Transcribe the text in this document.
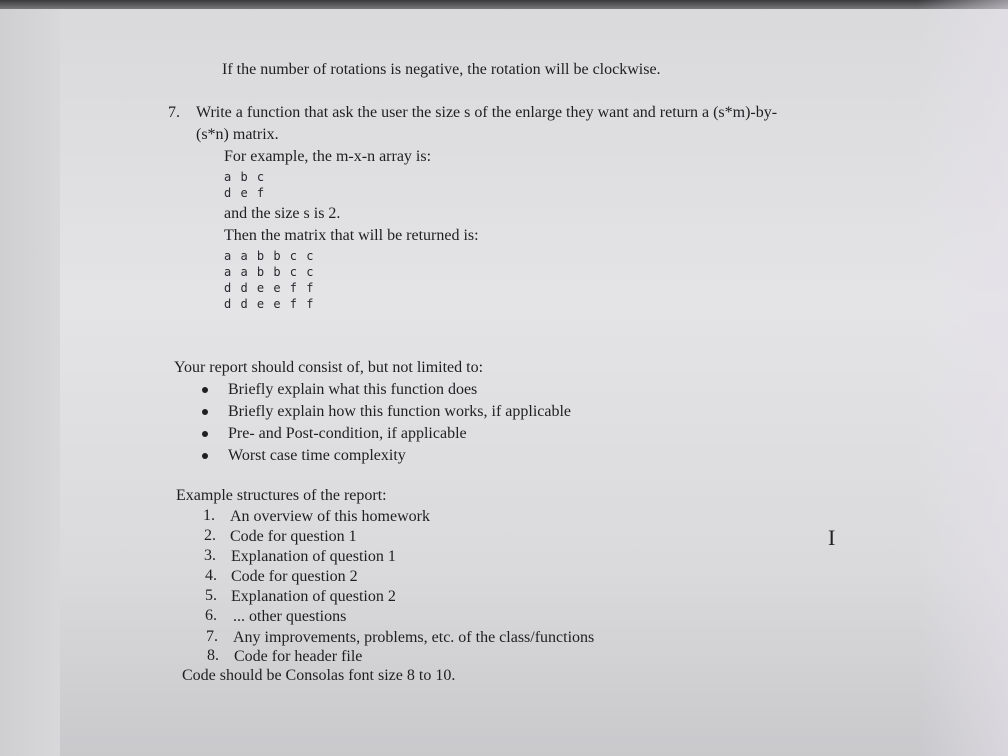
If the number of rotations is negative, the rotation will be clockwise.
7. Write a function that ask the user the size s of the enlarge they want and return a (s*m)-by-
(s*n) matrix.
For example, the m-x-n array is:
a b c
d e f
and the size s is 2.
Then the matrix that will be returned is:
a a b b c c
a a b b c c
d d e e f f
d d e e f f
Your report should consist of, but not limited to:
Briefly explain what this function does
Briefly explain how this function works, if applicable
Pre- and Post-condition, if applicable
Worst case time complexity
Example structures of the report:
1. An overview of this homework
2. Code for question 1
3. Explanation of question 1
4. Code for question 2
5. Explanation of question 2
6. ... other questions
7. Any improvements, problems, etc. of the class/functions
8. Code for header file
Code should be Consolas font size 8 to 10.
I
